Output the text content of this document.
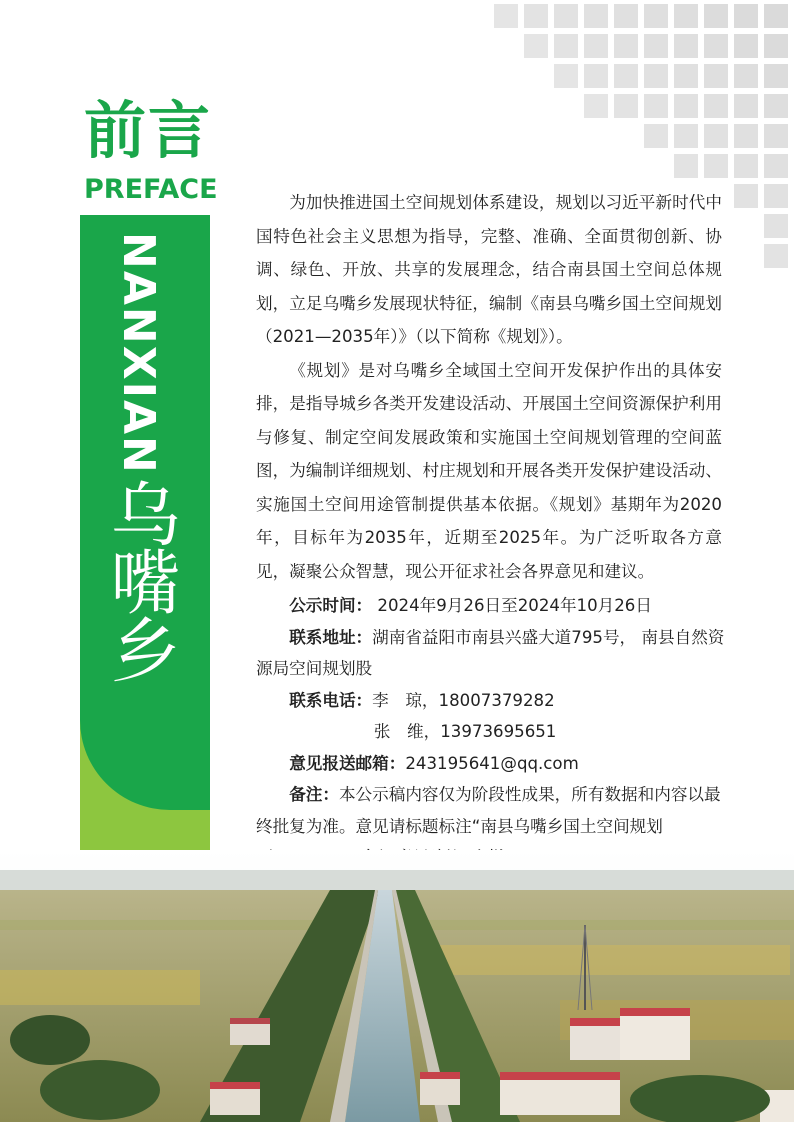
前言
PREFACE
NANXIAN
乌嘴乡

为加快推进国土空间规划体系建设，规划以习近平新时代中国特色社会主义思想为指导，完整、准确、全面贯彻创新、协调、绿色、开放、共享的发展理念，结合南县国土空间总体规划，立足乌嘴乡发展现状特征，编制《南县乌嘴乡国土空间规划（2021—2035年）》（以下简称《规划》）。

《规划》是对乌嘴乡全域国土空间开发保护作出的具体安排，是指导城乡各类开发建设活动、开展国土空间资源保护利用与修复、制定空间发展政策和实施国土空间规划管理的空间蓝图，为编制详细规划、村庄规划和开展各类开发保护建设活动、实施国土空间用途管制提供基本依据。《规划》基期年为2020年，目标年为2035年，近期至2025年。为广泛听取各方意见，凝聚公众智慧，现公开征求社会各界意见和建议。

公示时间： 2024年9月26日至2024年10月26日
联系地址：湖南省益阳市南县兴盛大道795号， 南县自然资源局空间规划股
联系电话：李　琼，18007379282
张　维，13973695651
意见报送邮箱：243195641@qq.com
备注：本公示稿内容仅为阶段性成果，所有数据和内容以最终批复为准。意见请标题标注“南县乌嘴乡国土空间规划
